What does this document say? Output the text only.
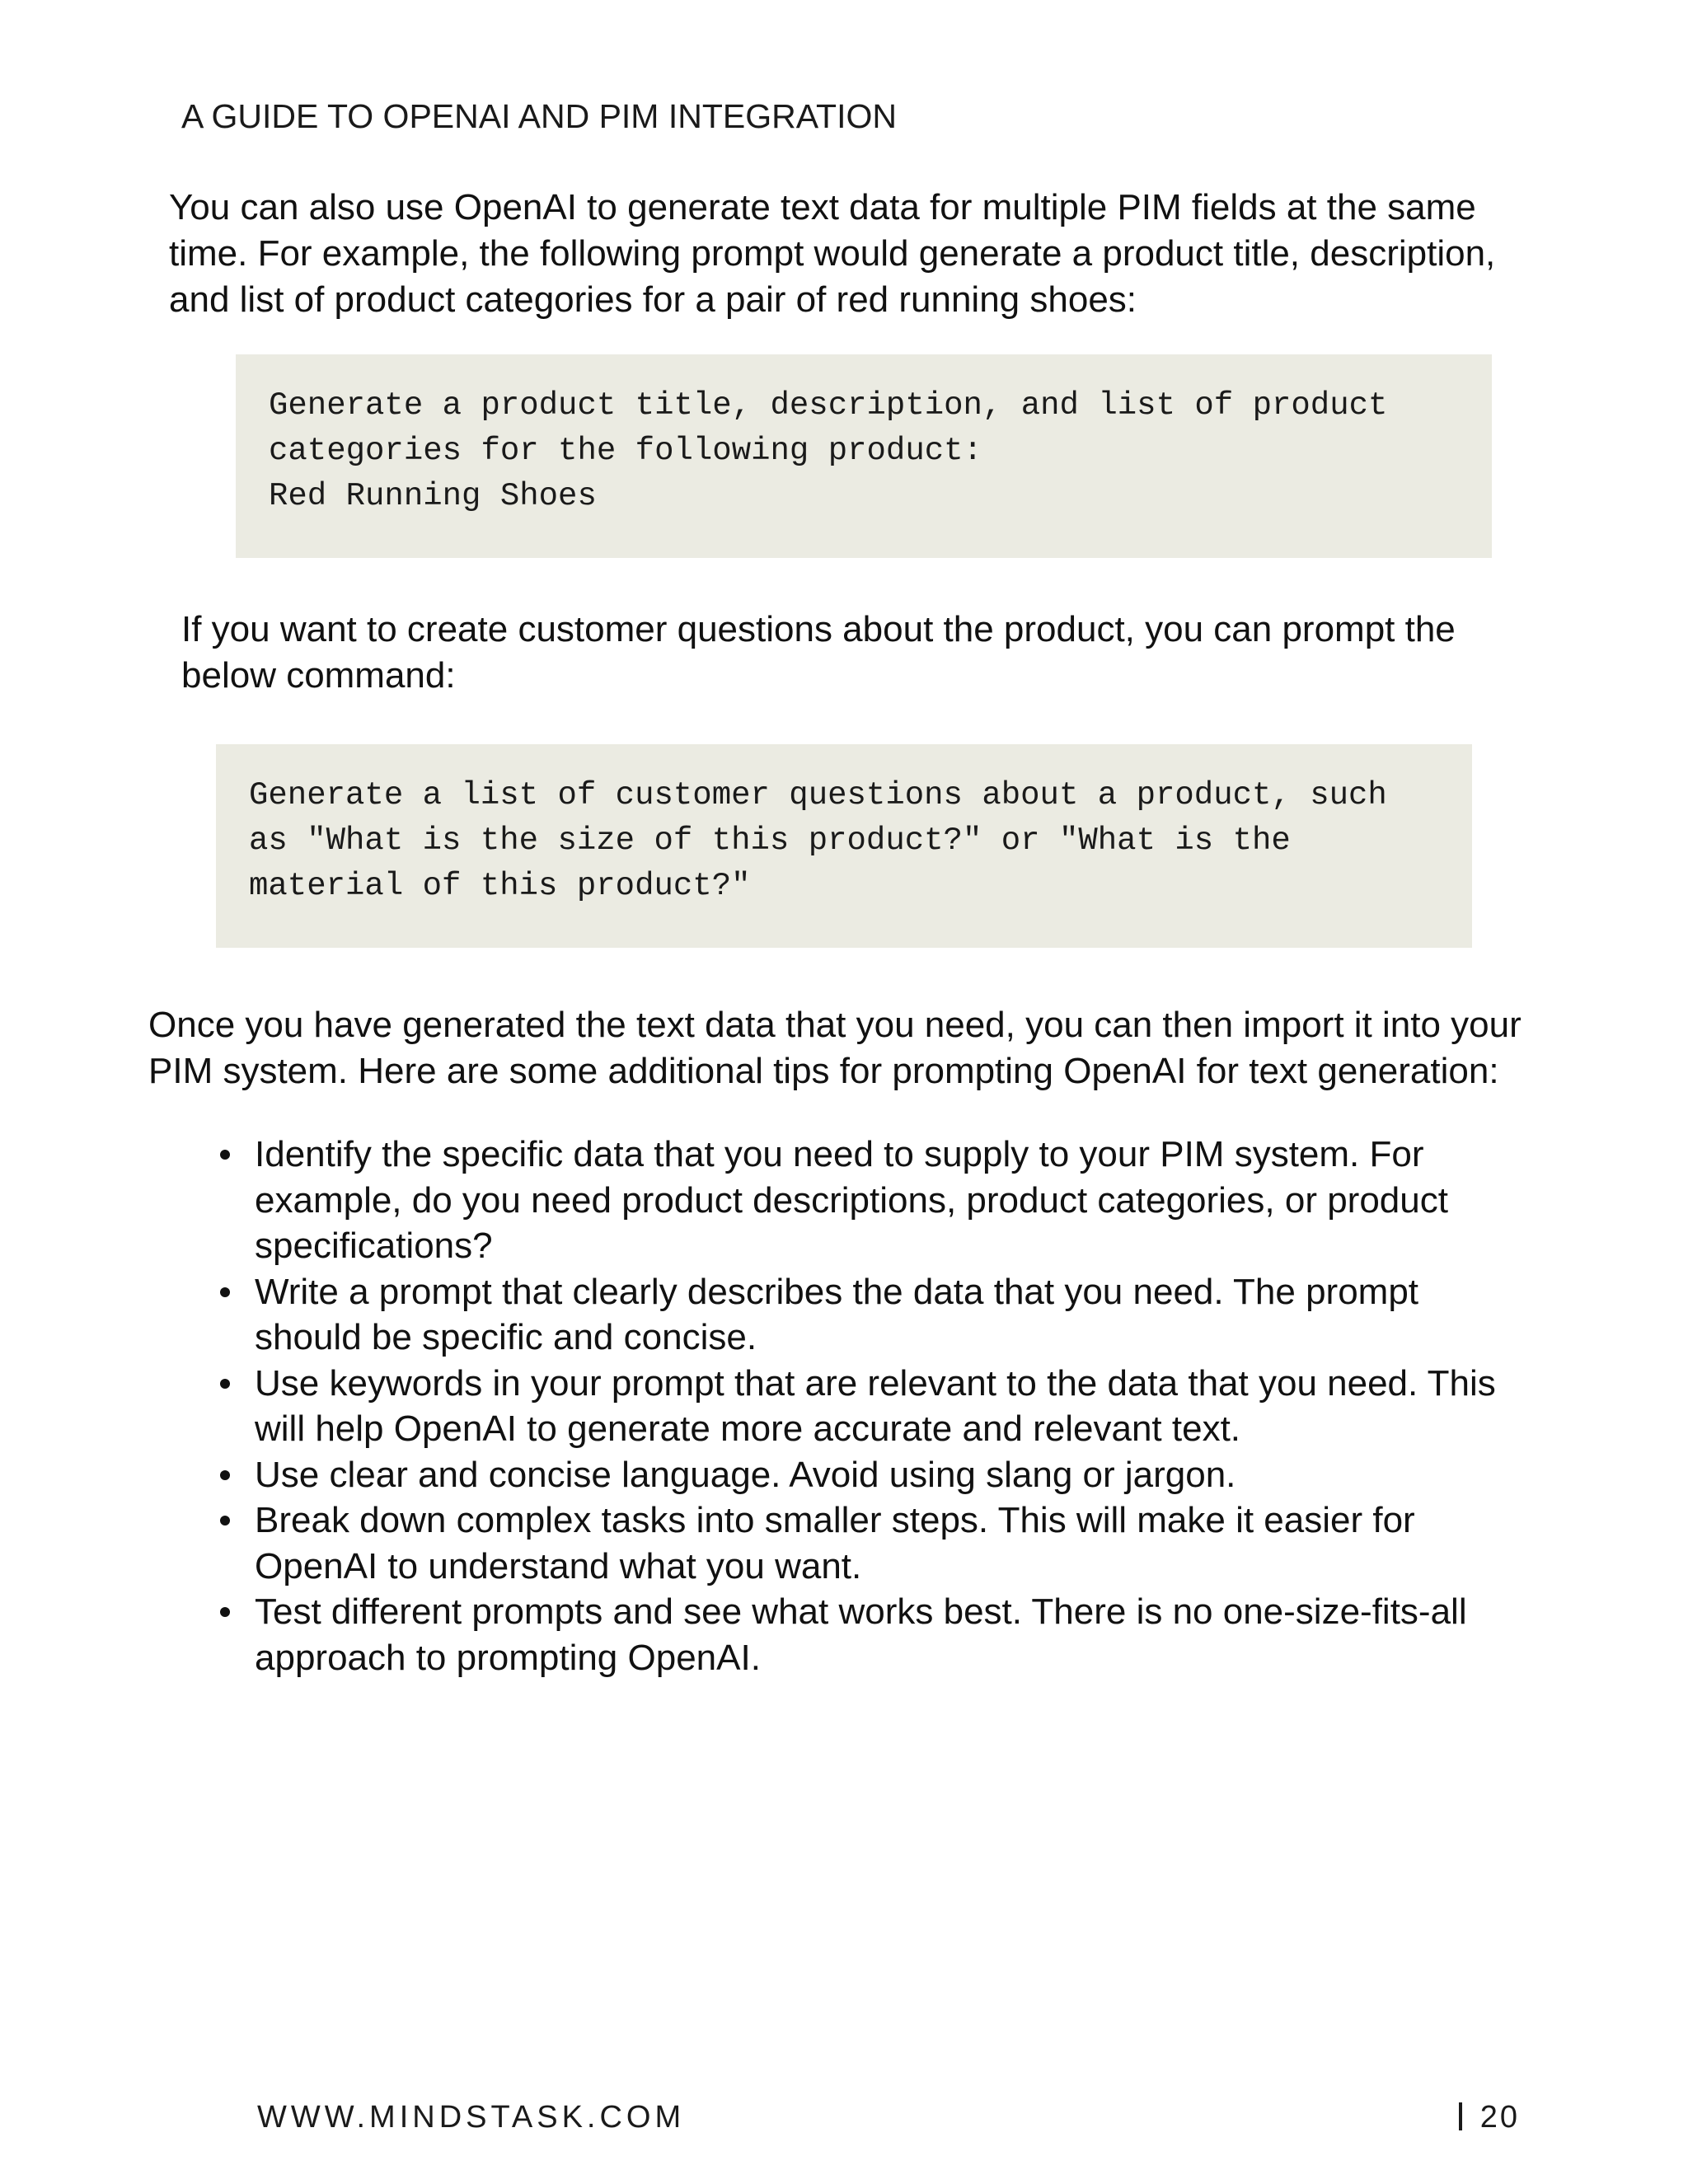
A GUIDE TO OPENAI AND PIM INTEGRATION
You can also use OpenAI to generate text data for multiple PIM fields at the same
time. For example, the following prompt would generate a product title, description,
and list of product categories for a pair of red running shoes:
Generate a product title, description, and list of product
categories for the following product:
Red Running Shoes
If you want to create customer questions about the product, you can prompt the
below command:
Generate a list of customer questions about a product, such
as "What is the size of this product?" or "What is the
material of this product?"
Once you have generated the text data that you need, you can then import it into your
PIM system. Here are some additional tips for prompting OpenAI for text generation:
Identify the specific data that you need to supply to your PIM system. For
example, do you need product descriptions, product categories, or product
specifications?
Write a prompt that clearly describes the data that you need. The prompt
should be specific and concise.
Use keywords in your prompt that are relevant to the data that you need. This
will help OpenAI to generate more accurate and relevant text.
Use clear and concise language. Avoid using slang or jargon.
Break down complex tasks into smaller steps. This will make it easier for
OpenAI to understand what you want.
Test different prompts and see what works best. There is no one-size-fits-all
approach to prompting OpenAI.
WWW.MINDSTASK.COM	20
